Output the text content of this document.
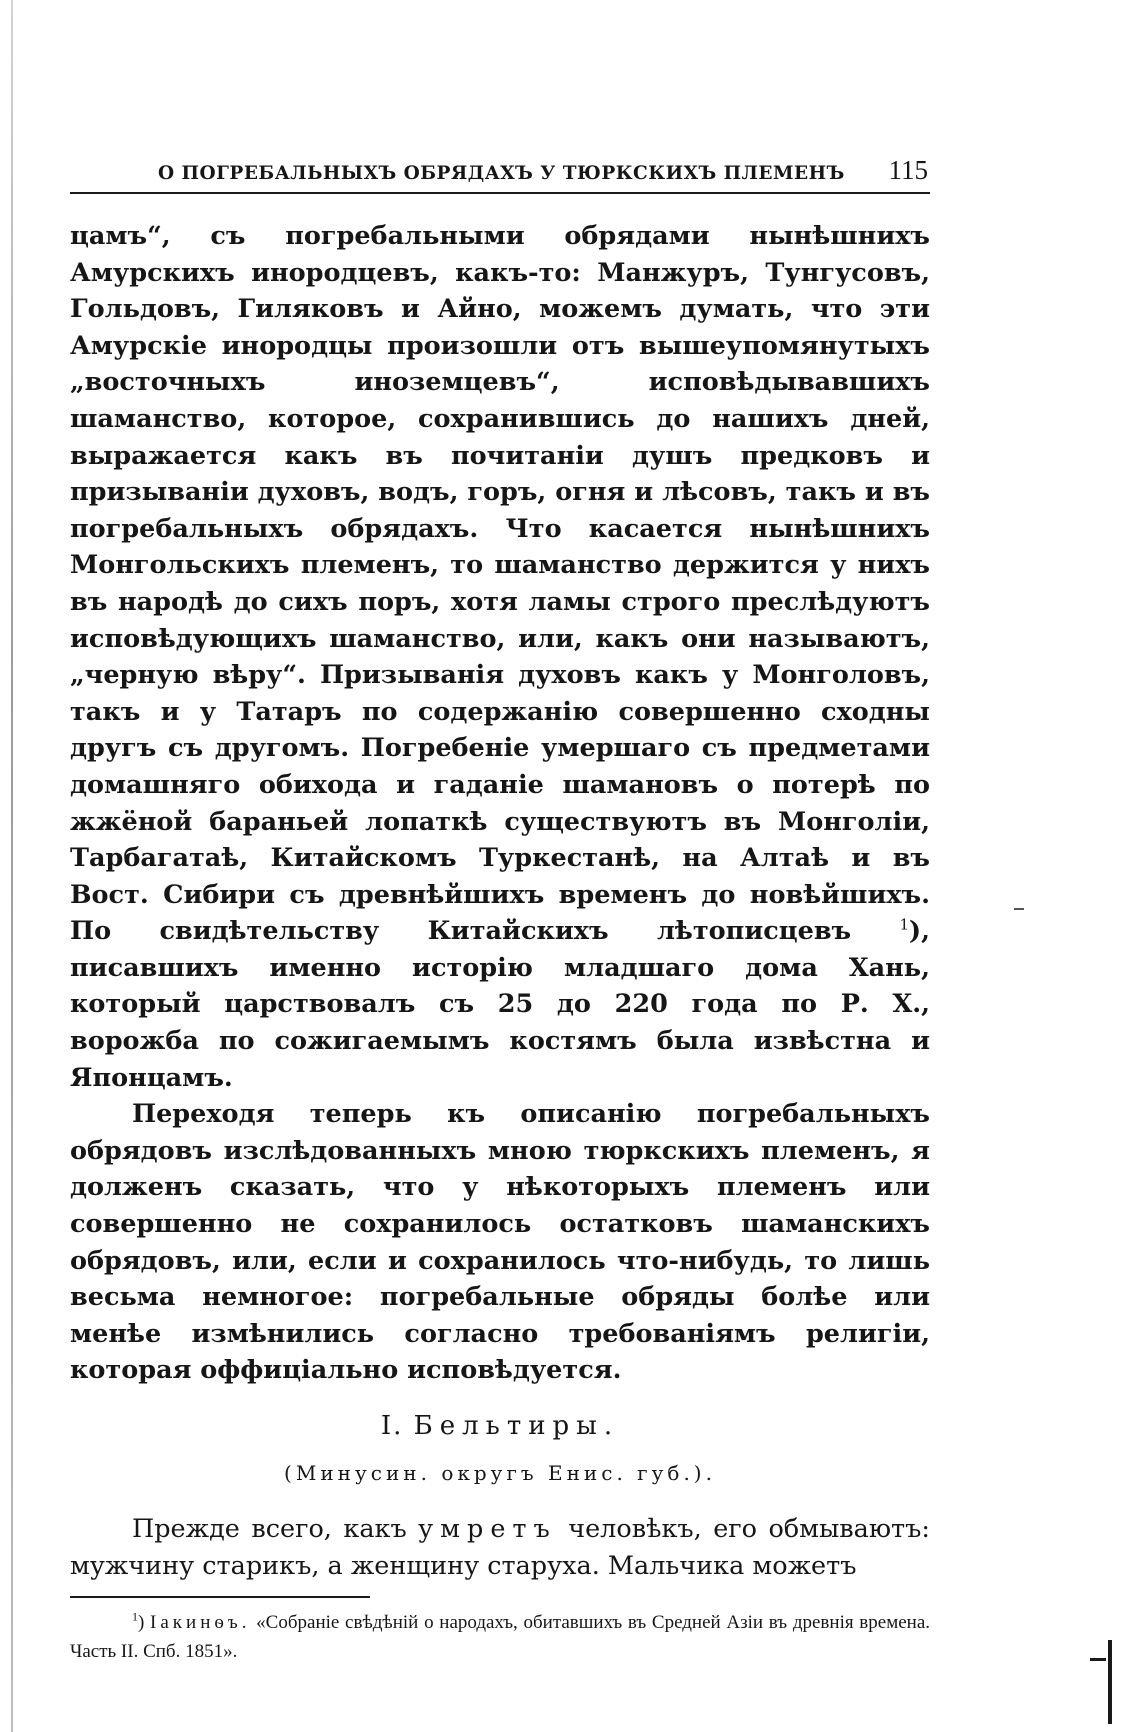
О ПОГРЕБАЛЬНЫХЪ ОБРЯДАХЪ У ТЮРКСКИХЪ ПЛЕМЕНЪ 115

цамъ“, съ погребальными обрядами нынѣшнихъ Амурскихъ инородцевъ, какъ-то: Манжуръ, Тунгусовъ, Гольдовъ, Гиляковъ и Айно, можемъ думать, что эти Амурскіе инородцы произошли отъ вышеупомянутыхъ „восточныхъ иноземцевъ“, исповѣдывавшихъ шаманство, которое, сохранившись до нашихъ дней, выражается какъ въ почитаніи душъ предковъ и призываніи духовъ, водъ, горъ, огня и лѣсовъ, такъ и въ погребальныхъ обрядахъ. Что касается нынѣшнихъ Монгольскихъ племенъ, то шаманство держится у нихъ въ народѣ до сихъ поръ, хотя ламы строго преслѣдуютъ исповѣдующихъ шаманство, или, какъ они называютъ, „черную вѣру“. Призыванія духовъ какъ у Монголовъ, такъ и у Татаръ по содержанію совершенно сходны другъ съ другомъ. Погребеніе умершаго съ предметами домашняго обихода и гаданіе шамановъ о потерѣ по жжёной бараньей лопаткѣ существуютъ въ Монголіи, Тарбагатаѣ, Китайскомъ Туркестанѣ, на Алтаѣ и въ Вост. Сибири съ древнѣйшихъ временъ до новѣйшихъ. По свидѣтельству Китайскихъ лѣтописцевъ	$^1$), писавшихъ именно исторію младшаго дома Хань, который царствовалъ съ 25 до 220 года по Р. Х., ворожба по сожигаемымъ костямъ была извѣстна и Японцамъ.

Переходя теперь къ описанію погребальныхъ обрядовъ изслѣдованныхъ мною тюркскихъ племенъ, я долженъ сказать, что у нѣкоторыхъ племенъ или совершенно не сохранилось остатковъ шаманскихъ обрядовъ, или, если и сохранилось что-нибудь, то лишь весьма немногое: погребальные обряды болѣе или менѣе измѣнились согласно требованіямъ религіи, которая оффиціально исповѣдуется.

I. Бельтиры.
(Минусин. округъ Енис. губ.).

Прежде всего, какъ умретъ человѣкъ, его обмываютъ: мужчину старикъ, а женщину старуха. Мальчика можетъ

$^1$) Іакинѳъ. «Собраніе свѣдѣній о народахъ, обитавшихъ въ Средней Азіи въ древнія времена. Часть II. Спб. 1851».
